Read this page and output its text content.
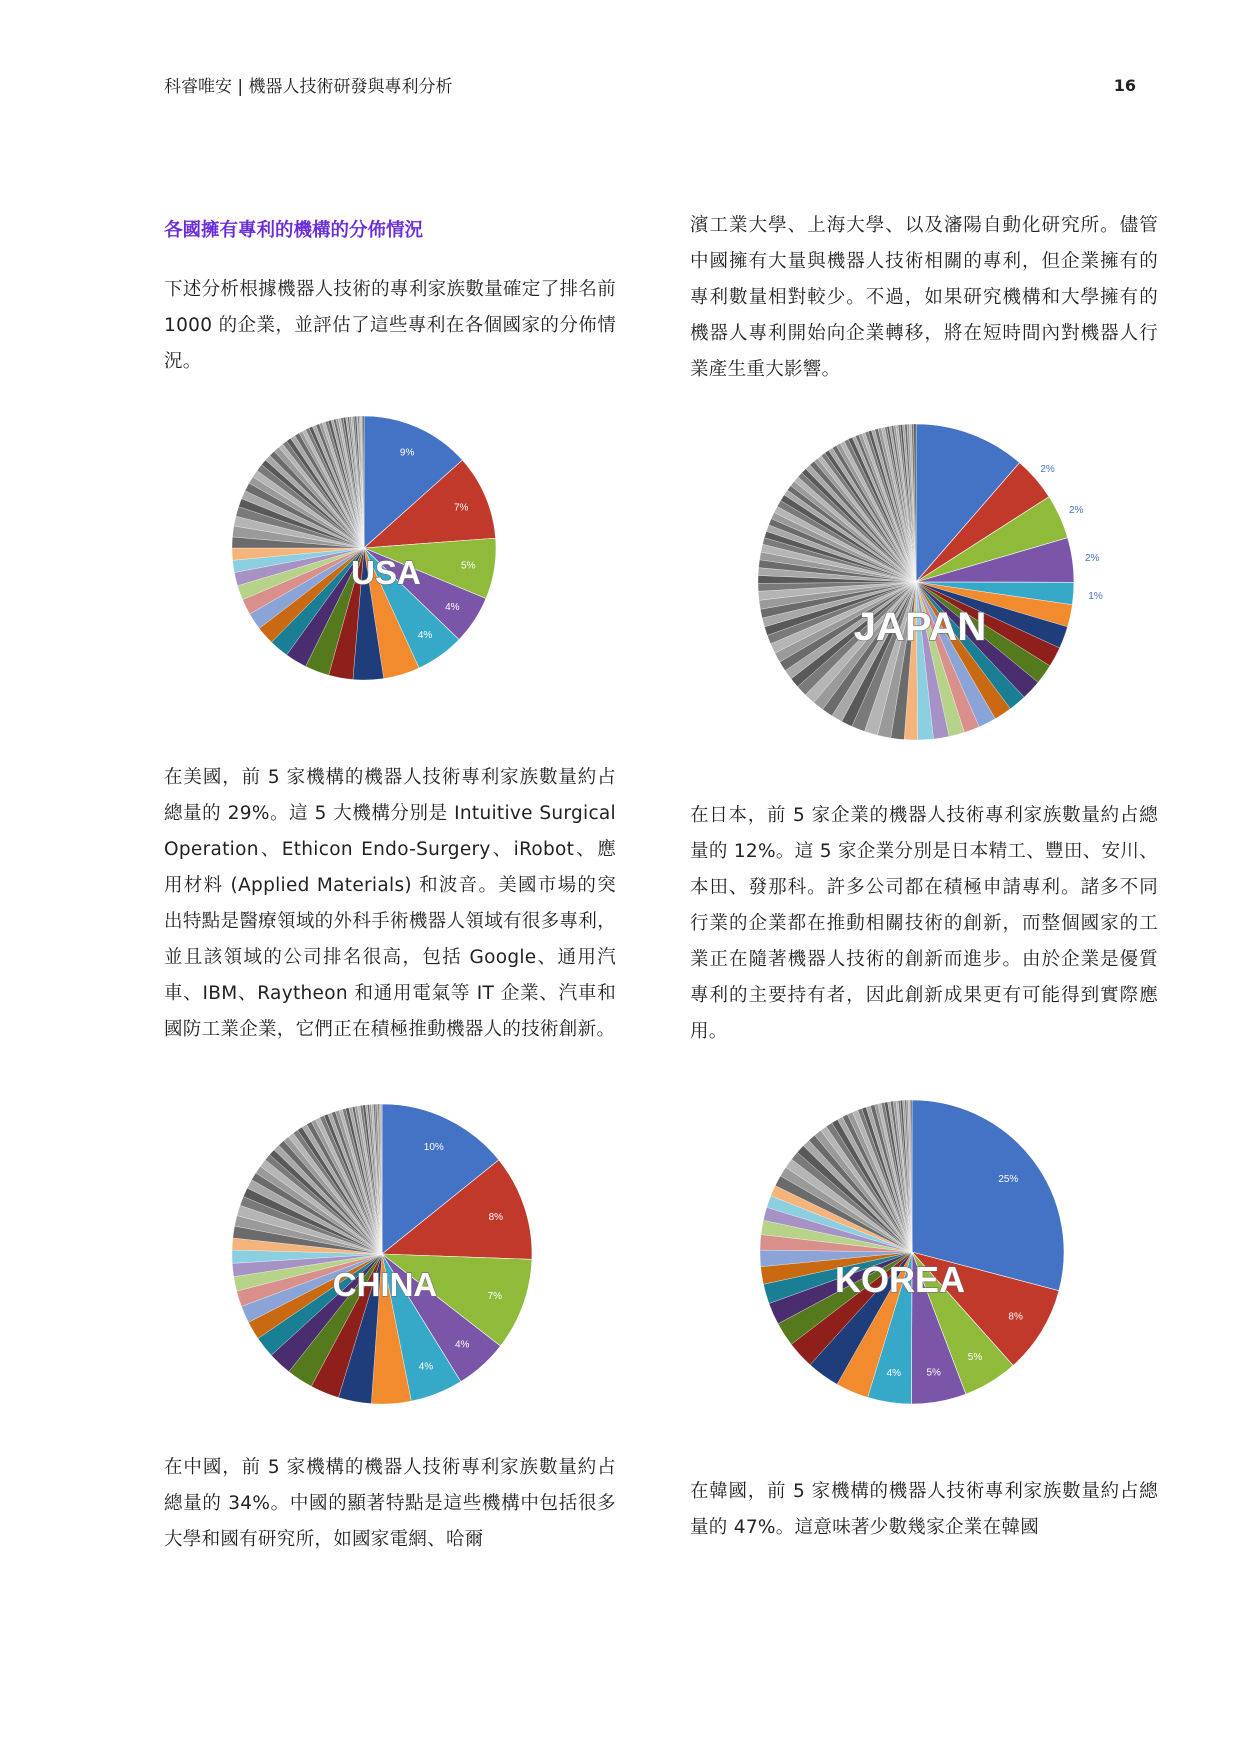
科睿唯安 | 機器人技術研發與專利分析	16
各國擁有專利的機構的分佈情況

下述分析根據機器人技術的專利家族數量確定了排名前 1000 的企業，並評估了這些專利在各個國家的分佈情況。

9%
7%
5%
4%
4%
USA

在美國，前 5 家機構的機器人技術專利家族數量約占總量的 29%。這 5 大機構分別是 Intuitive Surgical Operation、Ethicon Endo-Surgery、iRobot、應用材料 (Applied Materials) 和波音。美國市場的突出特點是醫療領域的外科手術機器人領域有很多專利，並且該領域的公司排名很高，包括 Google、通用汽車、IBM、Raytheon 和通用電氣等 IT 企業、汽車和國防工業企業，它們正在積極推動機器人的技術創新。

10%
8%
7%
4%
4%
CHINA

在中國，前 5 家機構的機器人技術專利家族數量約占總量的 34%。中國的顯著特點是這些機構中包括很多大學和國有研究所，如國家電網、哈爾

濱工業大學、上海大學、以及瀋陽自動化研究所。儘管中國擁有大量與機器人技術相關的專利，但企業擁有的專利數量相對較少。不過，如果研究機構和大學擁有的機器人專利開始向企業轉移，將在短時間內對機器人行業產生重大影響。

5%
2%
2%
2%
1%
JAPAN

在日本，前 5 家企業的機器人技術專利家族數量約占總量的 12%。這 5 家企業分別是日本精工、豐田、安川、本田、發那科。許多公司都在積極申請專利。諸多不同行業的企業都在推動相關技術的創新，而整個國家的工業正在隨著機器人技術的創新而進步。由於企業是優質專利的主要持有者，因此創新成果更有可能得到實際應用。

25%
8%
5%
5%
4%
KOREA

在韓國，前 5 家機構的機器人技術專利家族數量約占總量的 47%。這意味著少數幾家企業在韓國
